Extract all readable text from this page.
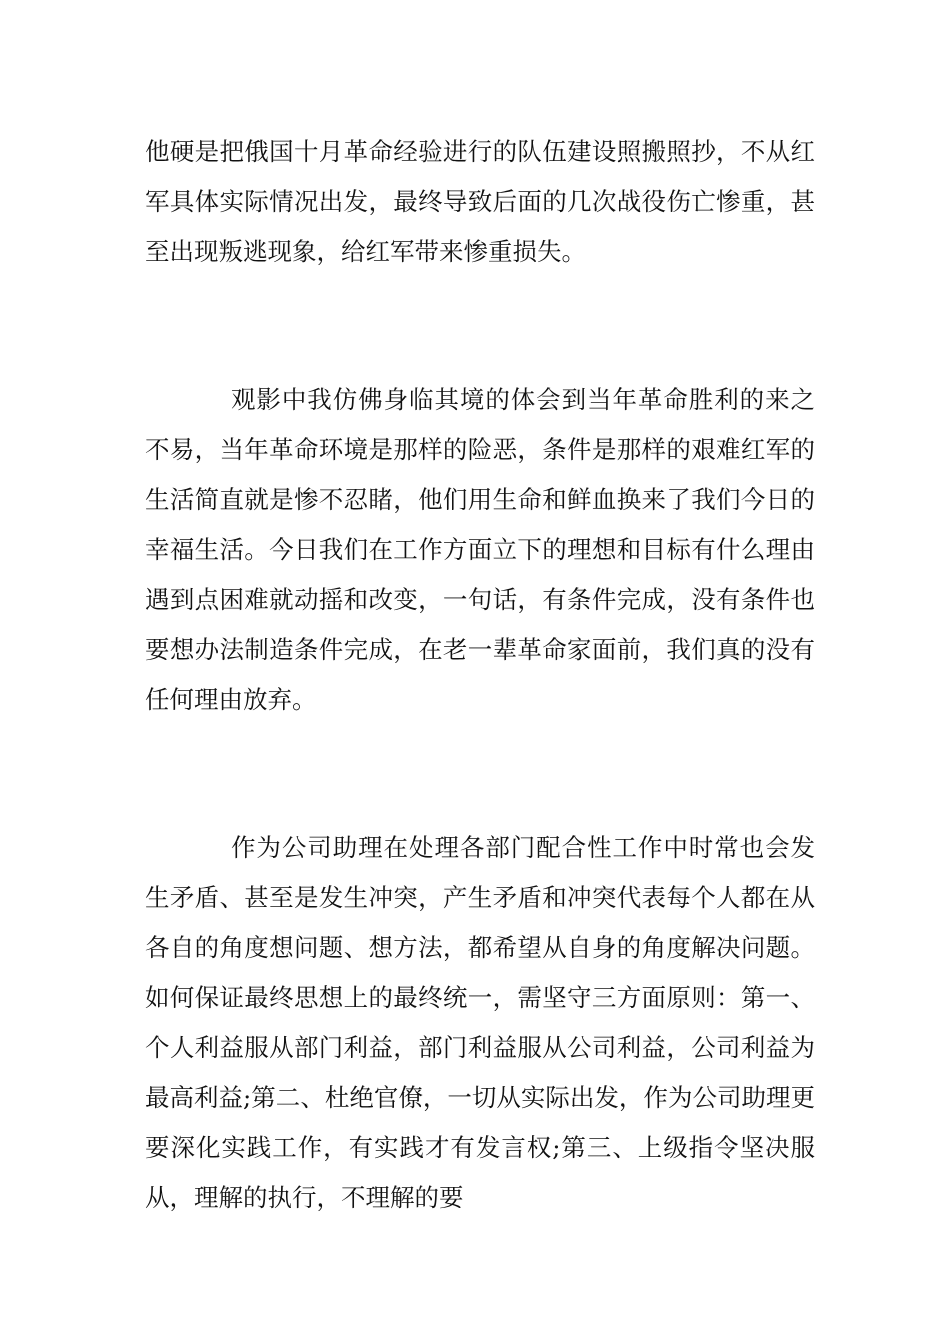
他硬是把俄国十月革命经验进行的队伍建设照搬照抄，不从红军具体实际情况出发，最终导致后面的几次战役伤亡惨重，甚至出现叛逃现象，给红军带来惨重损失。

观影中我仿佛身临其境的体会到当年革命胜利的来之不易，当年革命环境是那样的险恶，条件是那样的艰难红军的生活简直就是惨不忍睹，他们用生命和鲜血换来了我们今日的幸福生活。今日我们在工作方面立下的理想和目标有什么理由遇到点困难就动摇和改变，一句话，有条件完成，没有条件也要想办法制造条件完成，在老一辈革命家面前，我们真的没有任何理由放弃。

作为公司助理在处理各部门配合性工作中时常也会发生矛盾、甚至是发生冲突，产生矛盾和冲突代表每个人都在从各自的角度想问题、想方法，都希望从自身的角度解决问题。如何保证最终思想上的最终统一，需坚守三方面原则：第一、个人利益服从部门利益，部门利益服从公司利益，公司利益为最高利益;第二、杜绝官僚，一切从实际出发，作为公司助理更要深化实践工作，有实践才有发言权;第三、上级指令坚决服从，理解的执行，不理解的要
